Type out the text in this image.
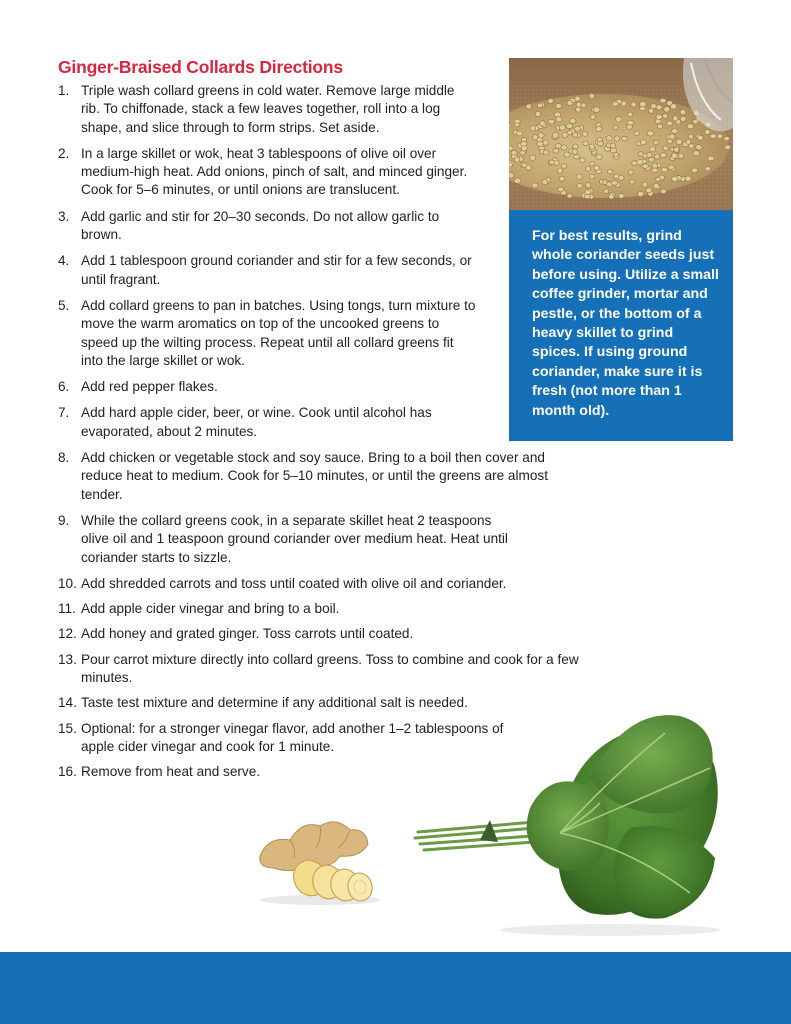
Ginger-Braised Collards Directions
1. Triple wash collard greens in cold water. Remove large middle rib. To chiffonade, stack a few leaves together, roll into a log shape, and slice through to form strips. Set aside.
2. In a large skillet or wok, heat 3 tablespoons of olive oil over medium-high heat. Add onions, pinch of salt, and minced ginger. Cook for 5–6 minutes, or until onions are translucent.
3. Add garlic and stir for 20–30 seconds. Do not allow garlic to brown.
4. Add 1 tablespoon ground coriander and stir for a few seconds, or until fragrant.
5. Add collard greens to pan in batches. Using tongs, turn mixture to move the warm aromatics on top of the uncooked greens to speed up the wilting process. Repeat until all collard greens fit into the large skillet or wok.
6. Add red pepper flakes.
7. Add hard apple cider, beer, or wine. Cook until alcohol has evaporated, about 2 minutes.
8. Add chicken or vegetable stock and soy sauce. Bring to a boil then cover and reduce heat to medium. Cook for 5–10 minutes, or until the greens are almost tender.
9. While the collard greens cook, in a separate skillet heat 2 teaspoons olive oil and 1 teaspoon ground coriander over medium heat. Heat until coriander starts to sizzle.
10. Add shredded carrots and toss until coated with olive oil and coriander.
11. Add apple cider vinegar and bring to a boil.
12. Add honey and grated ginger. Toss carrots until coated.
13. Pour carrot mixture directly into collard greens. Toss to combine and cook for a few minutes.
14. Taste test mixture and determine if any additional salt is needed.
15. Optional: for a stronger vinegar flavor, add another 1–2 tablespoons of apple cider vinegar and cook for 1 minute.
16. Remove from heat and serve.

For best results, grind whole coriander seeds just before using. Utilize a small coffee grinder, mortar and pestle, or the bottom of a heavy skillet to grind spices. If using ground coriander, make sure it is fresh (not more than 1 month old).
